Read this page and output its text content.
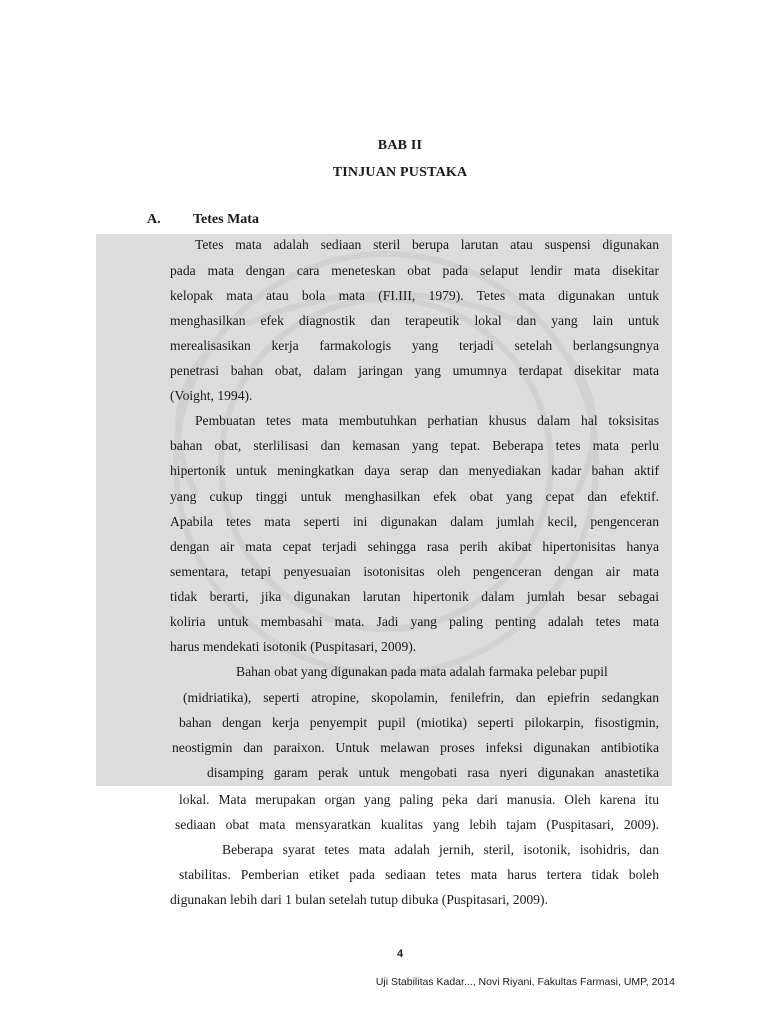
BAB II
TINJUAN PUSTAKA
A. Tetes Mata
Tetes mata adalah sediaan steril berupa larutan atau suspensi digunakan
pada mata dengan cara meneteskan obat pada selaput lendir mata disekitar
kelopak mata atau bola mata (FI.III, 1979). Tetes mata digunakan untuk
menghasilkan efek diagnostik dan terapeutik lokal dan yang lain untuk
merealisasikan kerja farmakologis yang terjadi setelah berlangsungnya
penetrasi bahan obat, dalam jaringan yang umumnya terdapat disekitar mata
(Voight, 1994).
Pembuatan tetes mata membutuhkan perhatian khusus dalam hal toksisitas
bahan obat, sterlilisasi dan kemasan yang tepat. Beberapa tetes mata perlu
hipertonik untuk meningkatkan daya serap dan menyediakan kadar bahan aktif
yang cukup tinggi untuk menghasilkan efek obat yang cepat dan efektif.
Apabila tetes mata seperti ini digunakan dalam jumlah kecil, pengenceran
dengan air mata cepat terjadi sehingga rasa perih akibat hipertonisitas hanya
sementara, tetapi penyesuaian isotonisitas oleh pengenceran dengan air mata
tidak berarti, jika digunakan larutan hipertonik dalam jumlah besar sebagai
koliria untuk membasahi mata. Jadi yang paling penting adalah tetes mata
harus mendekati isotonik (Puspitasari, 2009).
Bahan obat yang digunakan pada mata adalah farmaka pelebar pupil
(midriatika), seperti atropine, skopolamin, fenilefrin, dan epiefrin sedangkan
bahan dengan kerja penyempit pupil (miotika) seperti pilokarpin, fisostigmin,
neostigmin dan paraixon. Untuk melawan proses infeksi digunakan antibiotika
disamping garam perak untuk mengobati rasa nyeri digunakan anastetika
lokal. Mata merupakan organ yang paling peka dari manusia. Oleh karena itu
sediaan obat mata mensyaratkan kualitas yang lebih tajam (Puspitasari, 2009).
Beberapa syarat tetes mata adalah jernih, steril, isotonik, isohidris, dan
stabilitas. Pemberian etiket pada sediaan tetes mata harus tertera tidak boleh
digunakan lebih dari 1 bulan setelah tutup dibuka (Puspitasari, 2009).
4
Uji Stabilitas Kadar..., Novi Riyani, Fakultas Farmasi, UMP, 2014
